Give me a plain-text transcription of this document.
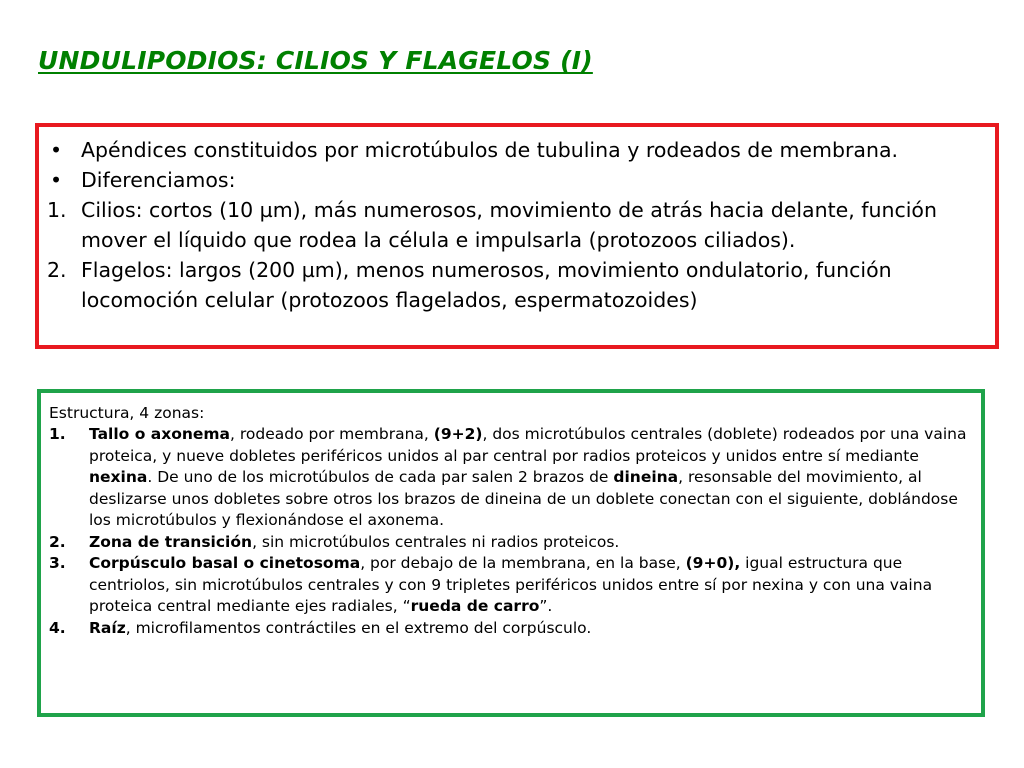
UNDULIPODIOS: CILIOS Y FLAGELOS (I)
• Apéndices constituidos por microtúbulos de tubulina y rodeados de membrana.
• Diferenciamos:
1. Cilios: cortos (10 µm), más numerosos, movimiento de atrás hacia delante, función mover el líquido que rodea la célula e impulsarla (protozoos ciliados).
2. Flagelos: largos (200 µm), menos numerosos, movimiento ondulatorio, función locomoción celular (protozoos flagelados, espermatozoides)
Estructura, 4 zonas:
1.	Tallo o axonema, rodeado por membrana, (9+2), dos microtúbulos centrales (doblete) rodeados por una vaina proteica, y nueve dobletes periféricos unidos al par central por radios proteicos y unidos entre sí mediante nexina. De uno de los microtúbulos de cada par salen 2 brazos de dineina, resonsable del movimiento, al deslizarse unos dobletes sobre otros los brazos de dineina de un doblete conectan con el siguiente, doblándose los microtúbulos y flexionándose el axonema.
2.	Zona de transición, sin microtúbulos centrales ni radios proteicos.
3.	Corpúsculo basal o cinetosoma, por debajo de la membrana, en la base, (9+0), igual estructura que centriolos, sin microtúbulos centrales y con 9 tripletes periféricos unidos entre sí por nexina y con una vaina proteica central mediante ejes radiales, “rueda de carro”.
4.	Raíz, microfilamentos contráctiles en el extremo del corpúsculo.
